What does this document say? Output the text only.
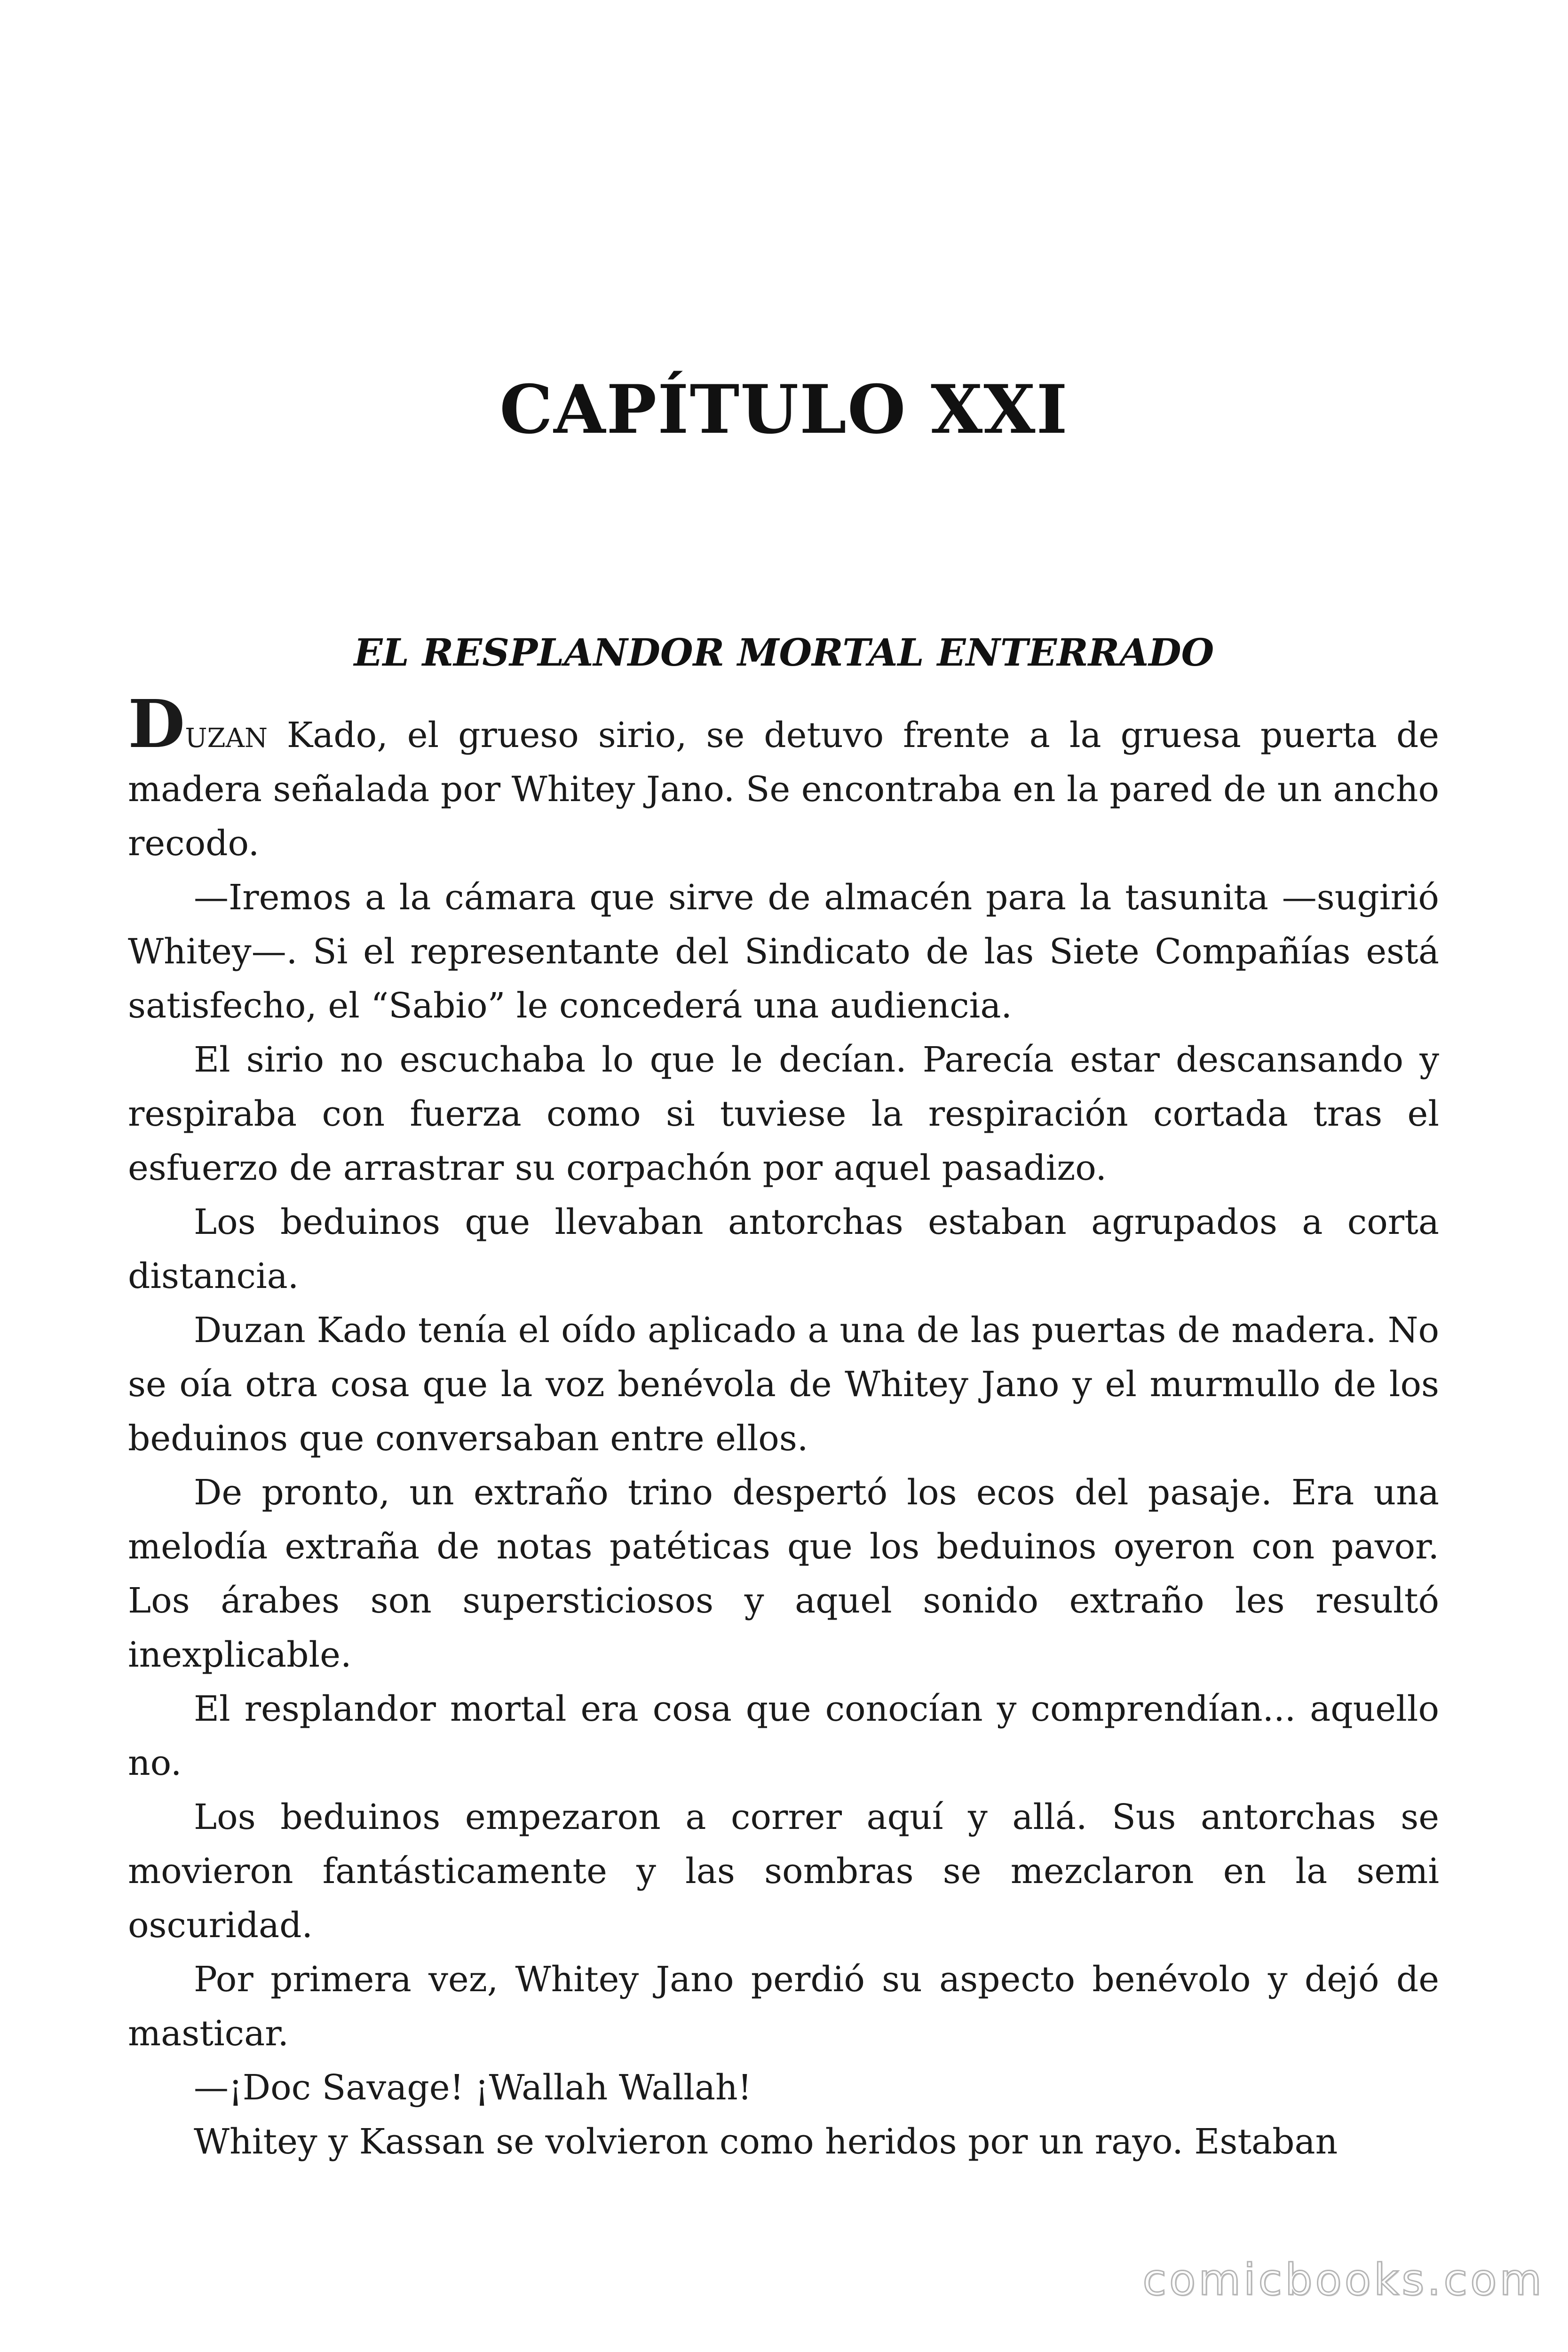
CAPÍTULO XXI
EL RESPLANDOR MORTAL ENTERRADO

Duzan Kado, el grueso sirio, se detuvo frente a la gruesa puerta de madera señalada por Whitey Jano. Se encontraba en la pared de un ancho recodo.

—Iremos a la cámara que sirve de almacén para la tasunita —sugirió Whitey—. Si el representante del Sindicato de las Siete Compañías está satisfecho, el “Sabio” le concederá una audiencia.

El sirio no escuchaba lo que le decían. Parecía estar descansando y respiraba con fuerza como si tuviese la respiración cortada tras el esfuerzo de arrastrar su corpachón por aquel pasadizo.

Los beduinos que llevaban antorchas estaban agrupados a corta distancia.

Duzan Kado tenía el oído aplicado a una de las puertas de madera. No se oía otra cosa que la voz benévola de Whitey Jano y el murmullo de los beduinos que conversaban entre ellos.

De pronto, un extraño trino despertó los ecos del pasaje. Era una melodía extraña de notas patéticas que los beduinos oyeron con pavor. Los árabes son supersticiosos y aquel sonido extraño les resultó inexplicable.

El resplandor mortal era cosa que conocían y comprendían... aquello no.

Los beduinos empezaron a correr aquí y allá. Sus antorchas se movieron fantásticamente y las sombras se mezclaron en la semi oscuridad.

Por primera vez, Whitey Jano perdió su aspecto benévolo y dejó de masticar.

—¡Doc Savage! ¡Wallah Wallah!

Whitey y Kassan se volvieron como heridos por un rayo. Estaban

comicbooks.com
